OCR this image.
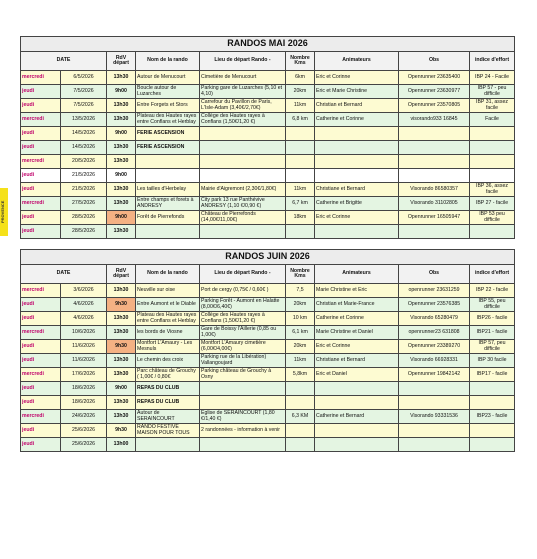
PROVENCE
RANDOS MAI 2026								
DATE		RdV départ	Nom de la rando	Lieu de départ Rando -	Nombre Kms	Animateurs	Obs	indice d'effort
mercredi	6/5/2026	13h30	Autour de Menucourt	Cimetière de Menucourt	6km	Eric et Corinne	Openrunner 23635400	IBP 24 - Facile
jeudi	7/5/2026	9h00	Boucle autour de Luzarches	Parking gare de Luzarches (5,10 et 4,10)	20km	Eric et Marie Christine	Openrunner 23630977	IBP 57 - peu difficile
jeudi	7/5/2026	13h30	Entre Forgets et Stors	Carrefour du Pavillon de Paris, L'Isle-Adam (3,40€/2,70€)	11km	Christian et Bernard	Openrunner 23570805	IBP 31, assez facile
mercredi	13/5/2026	13h30	Plateau des Hautes rayes entre Conflans et Herblay	Collège des Hautes rayes à Conflans (1,50€/1,20 €)	6,8 km	Catherine et Corinne	visorando933 16845	Facile
jeudi	14/5/2026	9h00	FERIE ASCENSION					
jeudi	14/5/2026	13h30	FERIE ASCENSION					
mercredi	20/5/2026	13h30						
jeudi	21/5/2026	9h00						
jeudi	21/5/2026	13h30	Les tailles d'Herbelay	Mairie d'Aigremont (2,30€/1,80€)	11km	Christiane et Bernard	Visorando 86580357	IBP 36, assez facile
mercredi	27/5/2026	13h30	Entre champs et forets à ANDRESY	City park 13 rue Panthévive ANDRESY (1,10 €/0,90 €)	6,7 km	Catherine et Brigitte	Visorando 31102805	IBP 27 - facile
jeudi	28/5/2026	9h00	Forêt de Pierrefonds	Château de Pierrefonds (14,00€/11,00€)	18km	Eric et Corinne	Openrunner 16505947	IBP 53 peu difficile
jeudi	28/5/2026	13h30						
RANDOS JUIN 2026								
DATE		RdV départ	Nom de la rando	Lieu de départ Rando -	Nombre Kms	Animateurs	Obs	indice d'effort
mercredi	3/6/2026	13h30	Neuville sur oise	Port de cergy (0,75€ / 0,60€ )	7,5	Marie Christine et Eric	openrunner 23631259	IBP 22 - facile
jeudi	4/6/2026	9h30	Entre Aumont et le Diable	Parking Forêt - Aumont en Halatte (8,00€/6,40€)	20km	Christian et Marie-France	Openrunner 23576385	IBP 55, peu difficile
jeudi	4/6/2026	13h30	Plateau des Hautes rayes entre Conflans et Herblay	Collège des Hautes rayes à Conflans (1,50€/1,20 €)	10 km	Catherine et Corinne	Visorando 65280479	IBP26 - facile
mercredi	10/6/2026	13h30	les bords de Viosne	Gare de Boissy l'Aillerie (0,85 ou 1,00€)	6,1 km	Marie Christine et Daniel	openrunner23 631808	IBP21 - facile
jeudi	11/6/2026	9h30	Montfort L'Amaury - Les Mesnuls	Montfort L'Amaury cimetière (6,00€/4,00€)	20km	Eric et Corinne	Openrunner 23389270	IBP 57, peu difficile
jeudi	11/6/2026	13h30	Le chemin des croix	Parking rue de la Libération) Vallangoujard	11km	Christiane et Bernard	Visorando 66928331	IBP 30 facile
mercredi	17/6/2026	13h30	Parc château de Grouchy ( 1,00€ / 0,80€	Parking château de Grouchy à Osny	5,8km	Eric et Daniel	Openrunner 19842142	IBP17 - facile
jeudi	18/6/2026	9h00	REPAS DU CLUB					
jeudi	18/6/2026	13h30	REPAS DU CLUB					
mercredi	24/6/2026	13h30	Autour de SERAINCOURT	Eglise de SERAINCOURT (1,80 €/1,40 €)	6,3 KM	Catherine et Bernard	Visorando 93331536	IBP23 - facile
jeudi	25/6/2026	9h30	RANDO FESTIVE MAISON POUR TOUS	2 randonnées - information à venir				
jeudi	25/6/2026	13h00						
